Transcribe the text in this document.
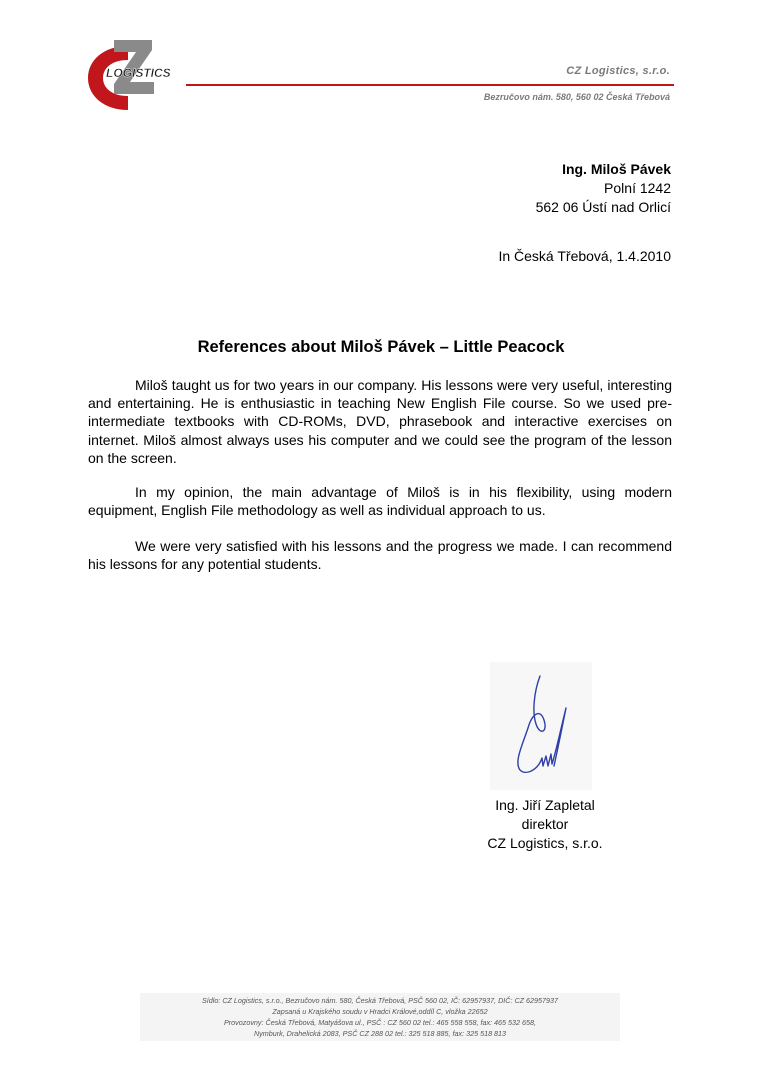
LOGISTICS	CZ Logistics, s.r.o.
Bezručovo nám. 580, 560 02 Česká Třebová
Ing. Miloš Pávek
Polní 1242
562 06 Ústí nad Orlicí
In Česká Třebová, 1.4.2010
References about Miloš Pávek – Little Peacock
Miloš taught us for two years in our company. His lessons were very useful, interesting and entertaining. He is enthusiastic in teaching New English File course. So we used pre-intermediate textbooks with CD-ROMs, DVD, phrasebook and interactive exercises on internet. Miloš almost always uses his computer and we could see the program of the lesson on the screen.
In my opinion, the main advantage of Miloš is in his flexibility, using modern equipment, English File methodology as well as individual approach to us.
We were very satisfied with his lessons and the progress we made. I can recommend his lessons for any potential students.
Ing. Jiří Zapletal
direktor
CZ Logistics, s.r.o.
Sídlo: CZ Logistics, s.r.o., Bezručovo nám. 580, Česká Třebová, PSČ 560 02, IČ: 62957937, DIČ: CZ 62957937
Zapsaná u Krajského soudu v Hradci Králové,oddíl C, vložka 22652
Provozovny: Česká Třebová, Matyášova ul., PSČ : CZ 560 02 tel.: 465 558 558, fax: 465 532 658,
Nymburk, Drahelická 2083, PSČ CZ 288 02 tel.: 325 518 885, fax: 325 518 813
